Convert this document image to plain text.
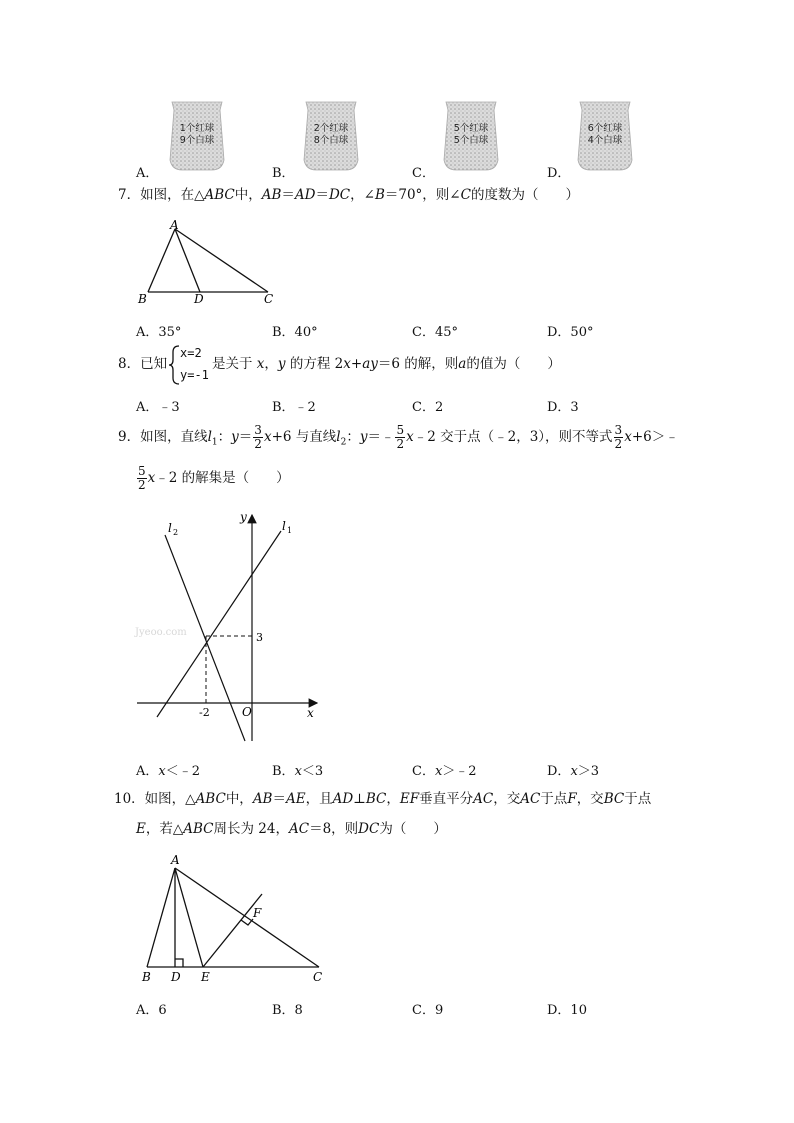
A．
1个红球
9个白球
B．
2个红球
8个白球
C．
5个红球
5个白球
D．
6个红球
4个白球
7．如图，在△ABC中，AB＝AD＝DC，∠B＝70°，则∠C的度数为（　　）
A
B	D	C
A．35°	B．40°	C．45°	D．50°
8．已知
x=2
y=-1
是关于 x，y 的方程 2x+ay＝6 的解，则a的值为（　　）
A．﹣3	B．﹣2	C．2	D．3
9．如图，直线$l_1$：$y= \frac{3}{2} x+6$ 与直线$l_2$：y＝﹣ $\frac{5}{2}$ x﹣2 交于点（﹣2，3），则不等式 $\frac{3}{2}$ x+6＞﹣
$\frac{5}{2}$ x﹣2 的解集是（　　）
Jyeoo.com
y
x
l 1
l 2
3
-2	O
A．x＜﹣2	B．x＜3	C．x＞﹣2	D．x＞3
10．如图，△ABC中，AB＝AE，且AD⊥BC，EF垂直平分AC，交AC于点F，交BC于点
E，若△ABC周长为 24，AC＝8，则DC为（　　）
A
B D E	C
F
A．6	B．8	C．9	D．10
